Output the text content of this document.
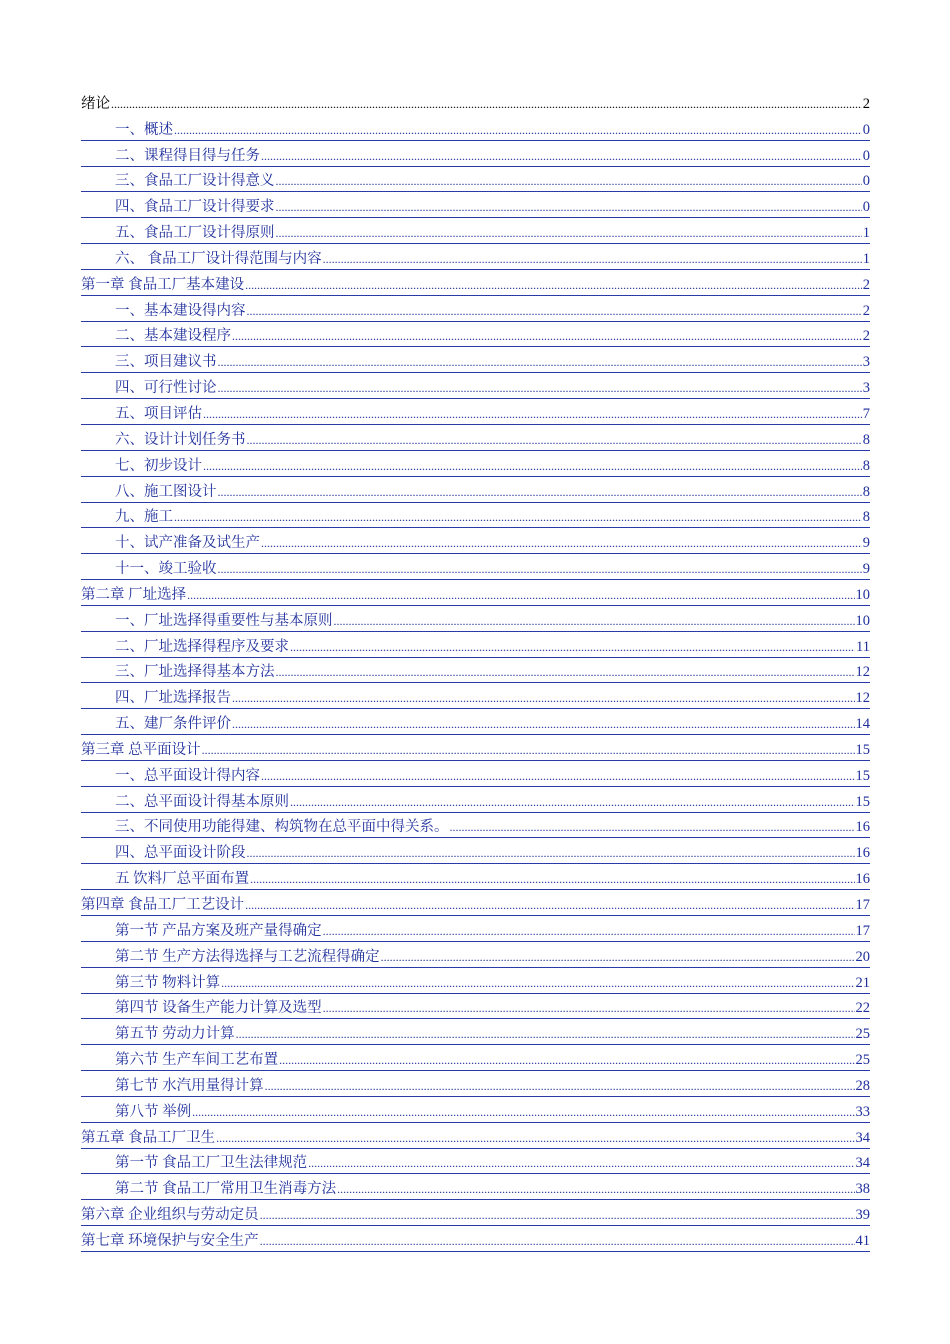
绪论 .....	2
一、概述 .....	0
二、课程得目得与任务 .....	0
三、食品工厂设计得意义 .....	0
四、食品工厂设计得要求 .....	0
五、食品工厂设计得原则 .....	1
六、 食品工厂设计得范围与内容 .....	1
第一章 食品工厂基本建设 .....	2
一、基本建设得内容 .....	2
二、基本建设程序 .....	2
三、项目建议书 .....	3
四、可行性讨论 .....	3
五、项目评估 .....	7
六、设计计划任务书 .....	8
七、初步设计 .....	8
八、施工图设计 .....	8
九、施工 .....	8
十、试产准备及试生产 .....	9
十一、竣工验收 .....	9
第二章 厂址选择 .....	10
一、厂址选择得重要性与基本原则 .....	10
二、厂址选择得程序及要求 .....	11
三、厂址选择得基本方法 .....	12
四、厂址选择报告 .....	12
五、建厂条件评价 .....	14
第三章 总平面设计 .....	15
一、总平面设计得内容 .....	15
二、总平面设计得基本原则 .....	15
三、不同使用功能得建、构筑物在总平面中得关系。 .....	16
四、总平面设计阶段 .....	16
五 饮料厂总平面布置 .....	16
第四章 食品工厂工艺设计 .....	17
第一节 产品方案及班产量得确定 .....	17
第二节 生产方法得选择与工艺流程得确定 .....	20
第三节 物料计算 .....	21
第四节 设备生产能力计算及选型 .....	22
第五节 劳动力计算 .....	25
第六节 生产车间工艺布置 .....	25
第七节 水汽用量得计算 .....	28
第八节 举例 .....	33
第五章 食品工厂卫生 .....	34
第一节 食品工厂卫生法律规范 .....	34
第二节 食品工厂常用卫生消毒方法 .....	38
第六章 企业组织与劳动定员 .....	39
第七章 环境保护与安全生产 .....	41
